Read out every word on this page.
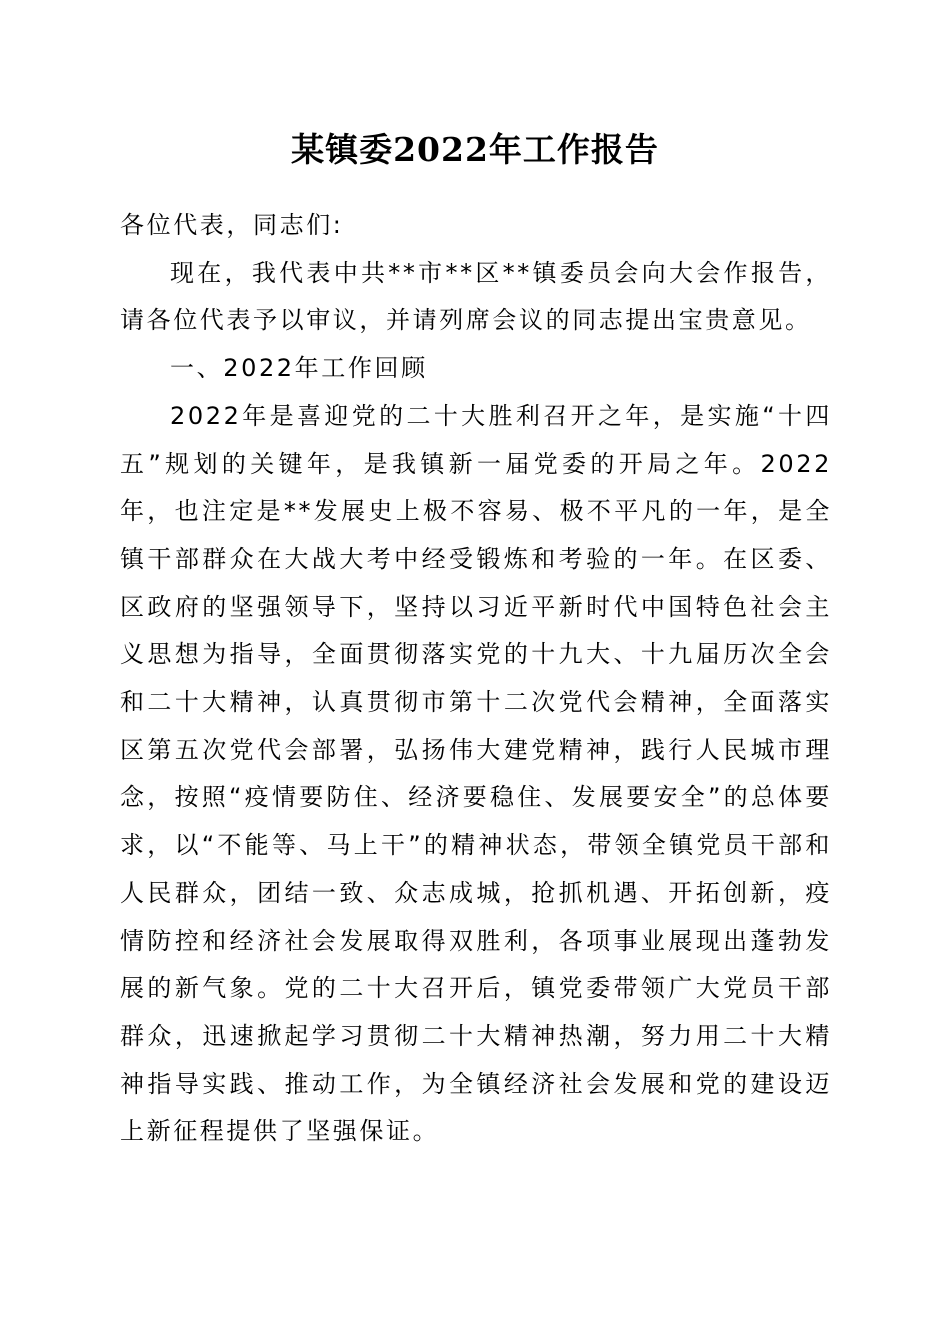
某镇委2022年工作报告

各位代表，同志们:

现在，我代表中共**市**区**镇委员会向大会作报告，请各位代表予以审议，并请列席会议的同志提出宝贵意见。

一、2022年工作回顾

2022年是喜迎党的二十大胜利召开之年，是实施“十四五”规划的关键年，是我镇新一届党委的开局之年。2022年，也注定是**发展史上极不容易、极不平凡的一年，是全镇干部群众在大战大考中经受锻炼和考验的一年。在区委、区政府的坚强领导下，坚持以习近平新时代中国特色社会主义思想为指导，全面贯彻落实党的十九大、十九届历次全会和二十大精神，认真贯彻市第十二次党代会精神，全面落实区第五次党代会部署，弘扬伟大建党精神，践行人民城市理念，按照“疫情要防住、经济要稳住、发展要安全”的总体要求，以“不能等、马上干”的精神状态，带领全镇党员干部和人民群众，团结一致、众志成城，抢抓机遇、开拓创新，疫情防控和经济社会发展取得双胜利，各项事业展现出蓬勃发展的新气象。党的二十大召开后，镇党委带领广大党员干部群众，迅速掀起学习贯彻二十大精神热潮，努力用二十大精神指导实践、推动工作，为全镇经济社会发展和党的建设迈上新征程提供了坚强保证。
